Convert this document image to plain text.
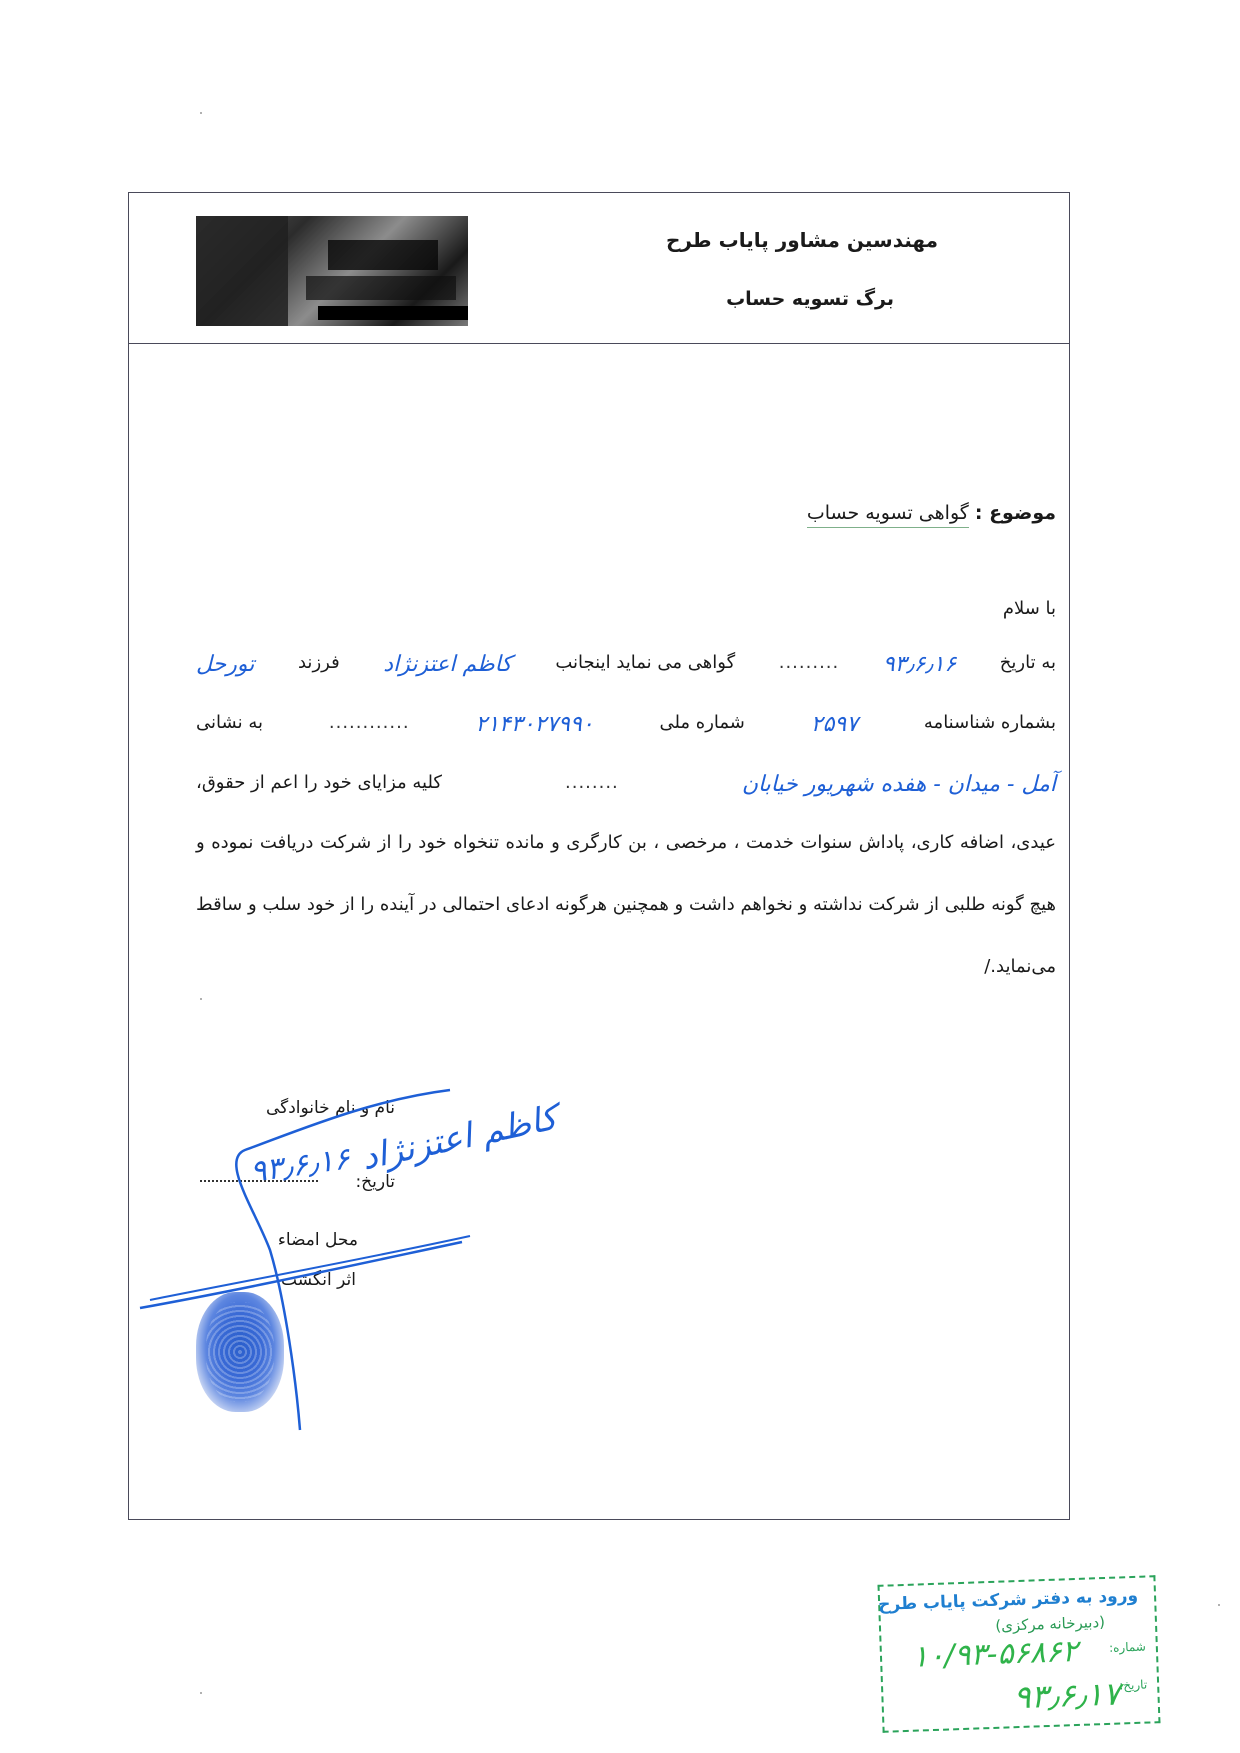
مهندسین مشاور پایاب طرح
برگ تسویه حساب
موضوع : گواهی تسویه حساب
با سلام
به تاریخ
۹۳٫۶٫۱۶
.........
گواهی می نماید اینجانب
کاظم اعتزنژاد
فرزند
تورحل
بشماره شناسنامه
۲۵۹۷
شماره ملی
۲۱۴۳۰۲۷۹۹۰
............
به نشانی
آمل - میدان - هفده شهریور خیابان
........
کلیه مزایای خود را اعم از حقوق،
عیدی، اضافه کاری، پاداش سنوات خدمت ، مرخصی ، بن کارگری و مانده تنخواه خود را از شرکت دریافت نموده و هیچ گونه طلبی از شرکت نداشته و نخواهم داشت و همچنین هرگونه ادعای احتمالی در آینده را از خود سلب و ساقط می‌نماید./
نام و نام خانوادگی
تاریخ:
محل امضاء
اثر انگشت
کاظم اعتزنژاد
۹۳٫۶٫۱۶
ورود به دفتر شرکت پایاب طرح
(دبیرخانه مرکزی)
شماره:
تاریخ:
۱۰/۹۳-۵۶۸۶۲
۹۳٫۶٫۱۷
